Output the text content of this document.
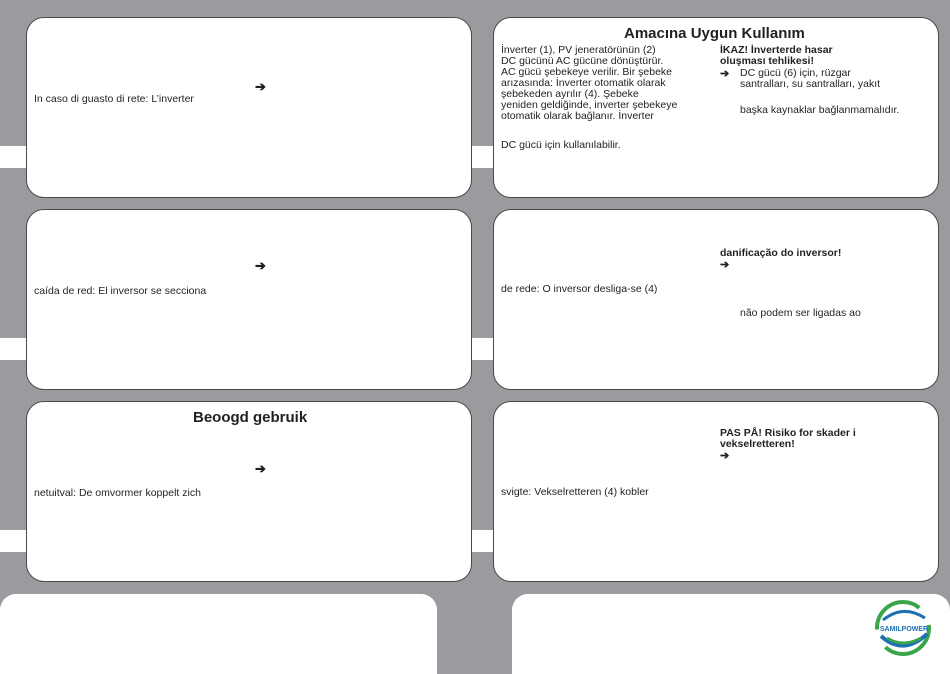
➔
In caso di guasto di rete: L’inverter
Amacına Uygun Kullanım
İnverter (1), PV jeneratörünün (2)
DC gücünü AC gücüne dönüştürür.
AC gücü şebekeye verilir. Bir şebeke
arızasında: İnverter otomatik olarak
şebekeden ayrılır (4). Şebeke
yeniden geldiğinde, inverter şebekeye
otomatik olarak bağlanır. İnverter
DC gücü için kullanılabilir.
İKAZ! İnverterde hasar
oluşması tehlikesi!
➔ DC gücü (6) için, rüzgar
santralları, su santralları, yakıt
başka kaynaklar bağlanmamalıdır.
➔
caída de red: El inversor se secciona
danificação do inversor!
➔
de rede: O inversor desliga-se (4)
não podem ser ligadas ao
Beoogd gebruik
➔
netuitval: De omvormer koppelt zich
PAS PÅ! Risiko for skader i
vekselretteren!
➔
svigte: Vekselretteren (4) kobler
SAMILPOWER
